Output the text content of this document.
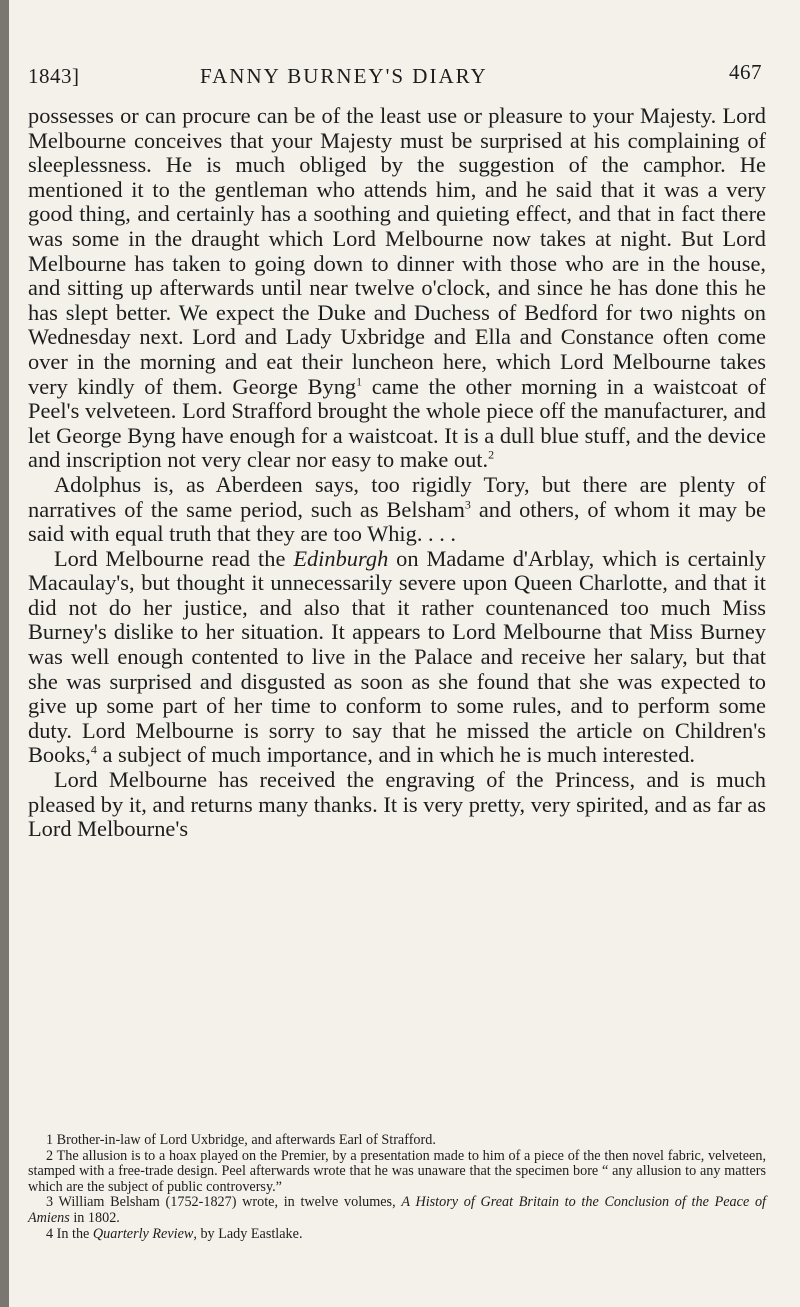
1843]	FANNY BURNEY'S DIARY	467

possesses or can procure can be of the least use or pleasure to your Majesty. Lord Melbourne conceives that your Majesty must be surprised at his complaining of sleeplessness. He is much obliged by the suggestion of the camphor. He mentioned it to the gentleman who attends him, and he said that it was a very good thing, and certainly has a soothing and quieting effect, and that in fact there was some in the draught which Lord Melbourne now takes at night. But Lord Melbourne has taken to going down to dinner with those who are in the house, and sitting up afterwards until near twelve o'clock, and since he has done this he has slept better. We expect the Duke and Duchess of Bedford for two nights on Wednesday next. Lord and Lady Uxbridge and Ella and Constance often come over in the morning and eat their luncheon here, which Lord Melbourne takes very kindly of them. George Byng$^1$ came the other morning in a waistcoat of Peel's velveteen. Lord Strafford brought the whole piece off the manufacturer, and let George Byng have enough for a waistcoat. It is a dull blue stuff, and the device and inscription not very clear nor easy to make out.$^2$

Adolphus is, as Aberdeen says, too rigidly Tory, but there are plenty of narratives of the same period, such as Belsham$^3$ and others, of whom it may be said with equal truth that they are too Whig. . . .

Lord Melbourne read the Edinburgh on Madame d'Arblay, which is certainly Macaulay's, but thought it unnecessarily severe upon Queen Charlotte, and that it did not do her justice, and also that it rather countenanced too much Miss Burney's dislike to her situation. It appears to Lord Melbourne that Miss Burney was well enough contented to live in the Palace and receive her salary, but that she was surprised and disgusted as soon as she found that she was expected to give up some part of her time to conform to some rules, and to perform some duty. Lord Melbourne is sorry to say that he missed the article on Children's Books,$^4$ a subject of much importance, and in which he is much interested.

Lord Melbourne has received the engraving of the Princess, and is much pleased by it, and returns many thanks. It is very pretty, very spirited, and as far as Lord Melbourne's

1 Brother-in-law of Lord Uxbridge, and afterwards Earl of Strafford.

2 The allusion is to a hoax played on the Premier, by a presentation made to him of a piece of the then novel fabric, velveteen, stamped with a free-trade design. Peel afterwards wrote that he was unaware that the specimen bore “ any allusion to any matters which are the subject of public controversy.”

3 William Belsham (1752-1827) wrote, in twelve volumes, A History of Great Britain to the Conclusion of the Peace of Amiens in 1802.

4 In the Quarterly Review, by Lady Eastlake.
